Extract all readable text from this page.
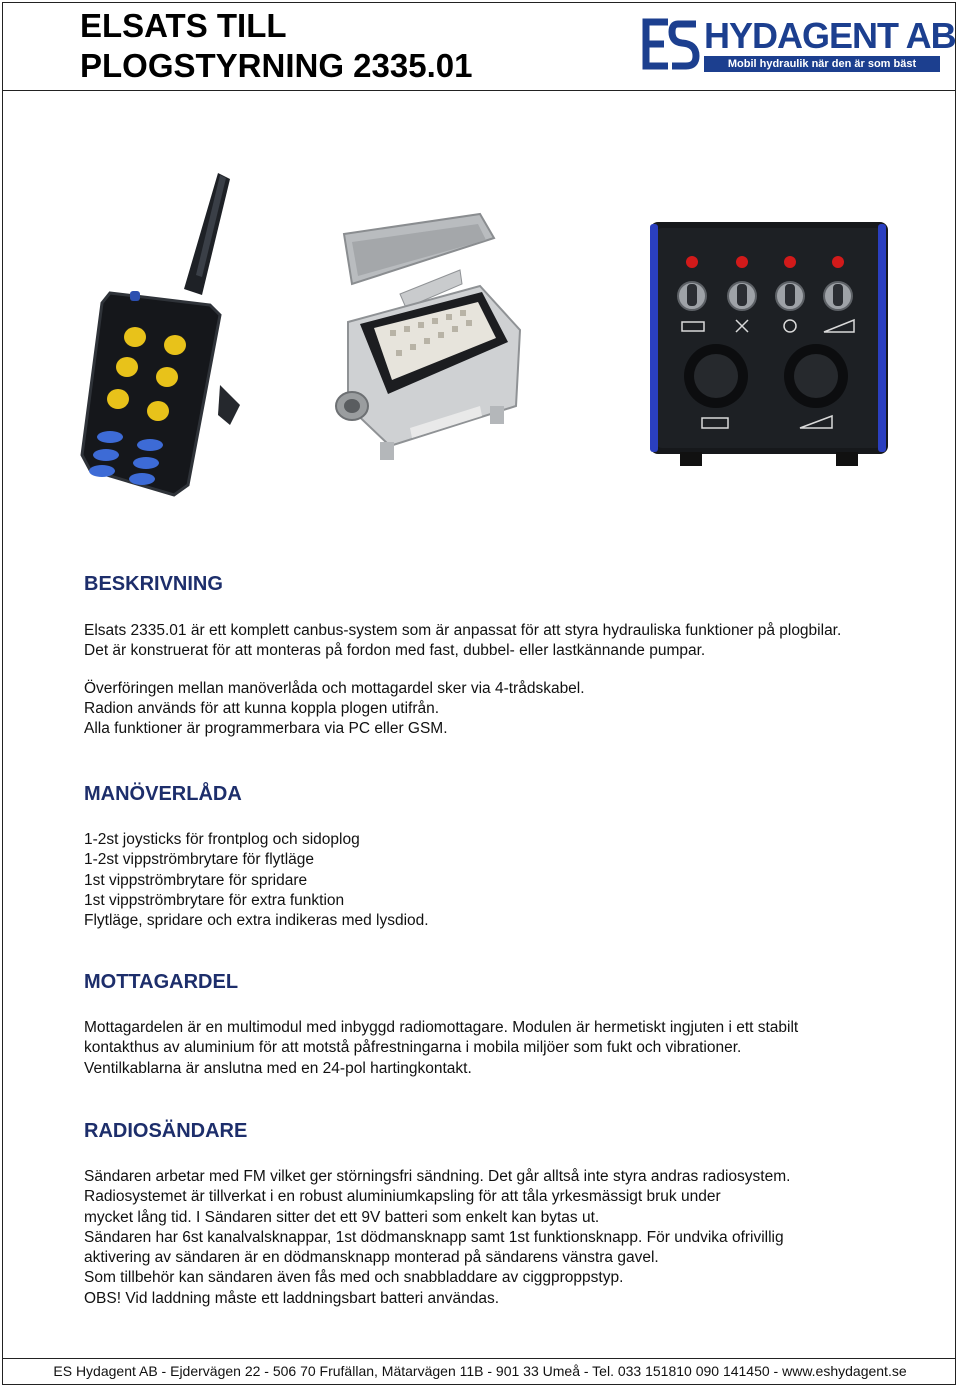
ELSATS TILL
PLOGSTYRNING 2335.01
HYDAGENT AB
Mobil hydraulik när den är som bäst
BESKRIVNING

Elsats 2335.01 är ett komplett canbus-system som är anpassat för att styra hydrauliska funktioner på plogbilar.

Det är konstruerat för att monteras på fordon med fast, dubbel- eller lastkännande pumpar.

Överföringen mellan manöverlåda och mottagardel sker via 4-trådskabel.

Radion används för att kunna koppla plogen utifrån.

Alla funktioner är programmerbara via PC eller GSM.

MANÖVERLÅDA

1-2st joysticks för frontplog och sidoplog

1-2st vippströmbrytare för flytläge

1st vippströmbrytare för spridare

1st vippströmbrytare för extra funktion

Flytläge, spridare och extra indikeras med lysdiod.

MOTTAGARDEL

Mottagardelen är en multimodul med inbyggd radiomottagare. Modulen är hermetiskt ingjuten i ett stabilt

kontakthus av aluminium för att motstå påfrestningarna i mobila miljöer som fukt och vibrationer.

Ventilkablarna är anslutna med en 24-pol hartingkontakt.

RADIOSÄNDARE

Sändaren arbetar med FM vilket ger störningsfri sändning. Det går alltså inte styra andras radiosystem.

Radiosystemet är tillverkat i en robust aluminiumkapsling för att tåla yrkesmässigt bruk under

mycket lång tid. I Sändaren sitter det ett 9V batteri som enkelt kan bytas ut.

Sändaren har 6st kanalvalsknappar, 1st dödmansknapp samt 1st funktionsknapp. För undvika ofrivillig

aktivering av sändaren är en dödmansknapp monterad på sändarens vänstra gavel.

Som tillbehör kan sändaren även fås med och snabbladdare av ciggproppstyp.

OBS! Vid laddning måste ett laddningsbart batteri användas.

ES Hydagent AB - Ejdervägen 22 - 506 70 Frufällan, Mätarvägen 11B - 901 33 Umeå - Tel. 033 151810 090 141450 - www.eshydagent.se
